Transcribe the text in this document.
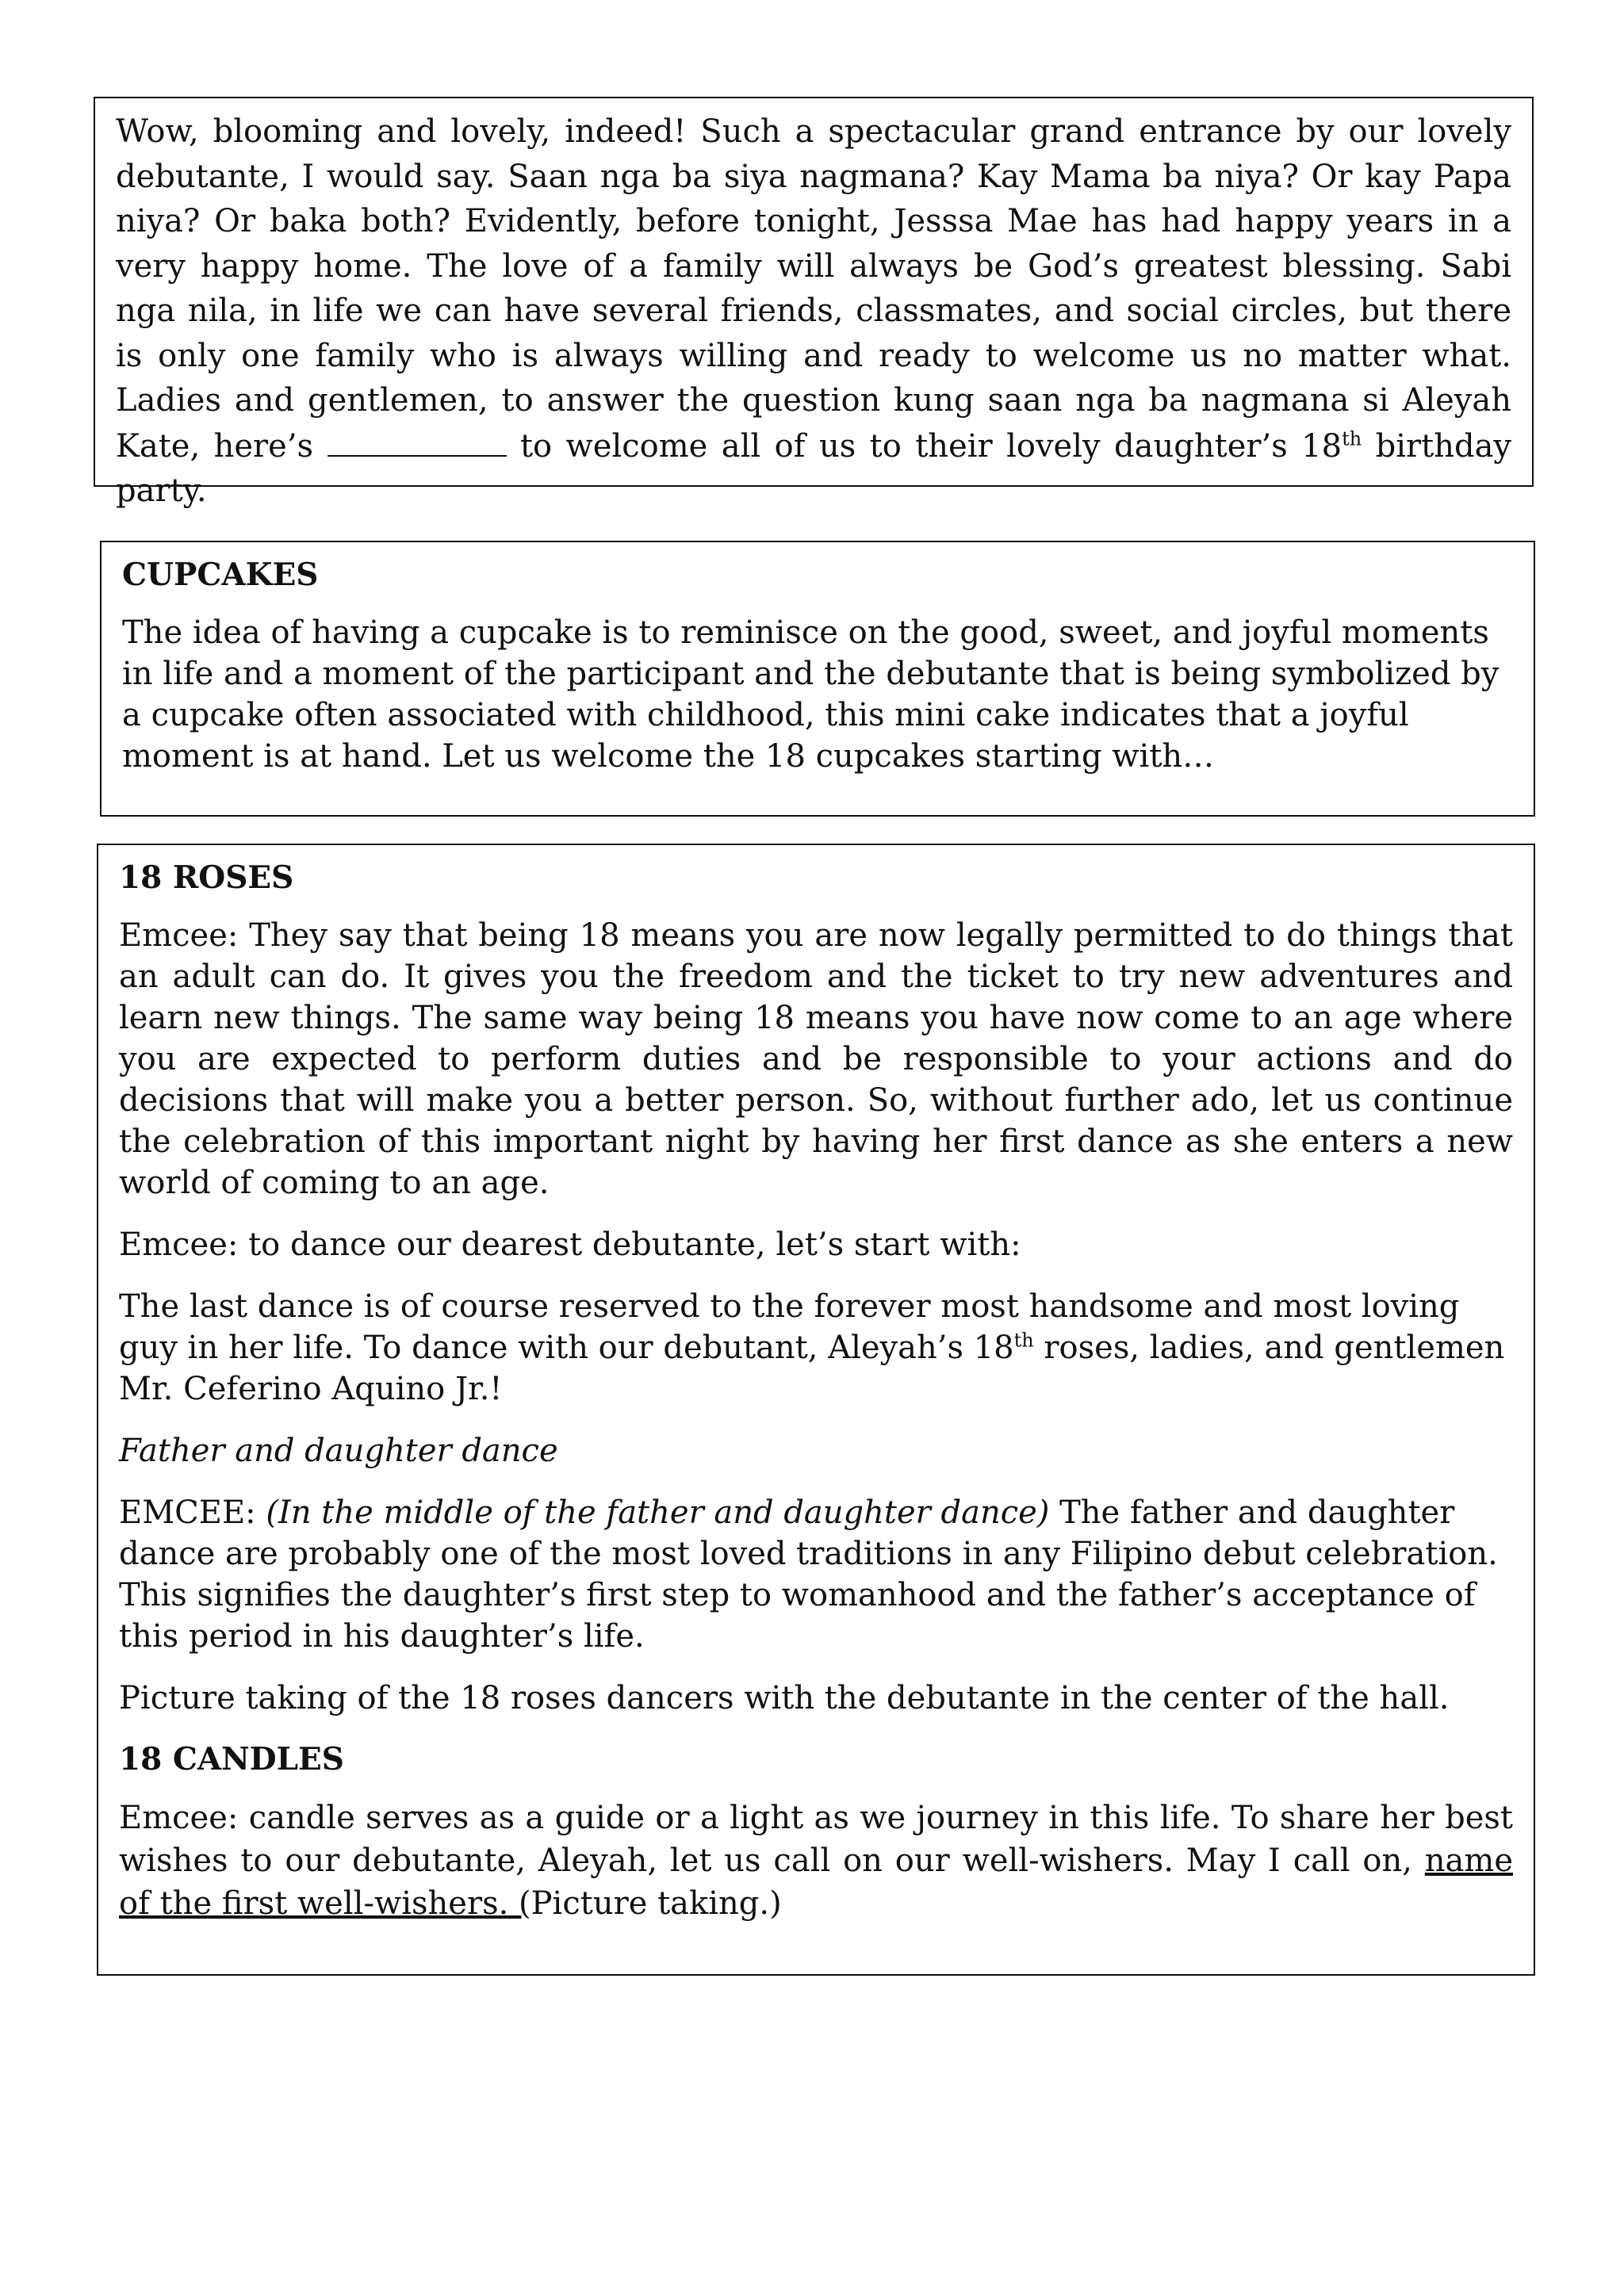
Wow, blooming and lovely, indeed! Such a spectacular grand entrance by our lovely debutante, I would say. Saan nga ba siya nagmana? Kay Mama ba niya? Or kay Papa niya? Or baka both? Evidently, before tonight, Jesssa Mae has had happy years in a very happy home. The love of a family will always be God’s greatest blessing. Sabi nga nila, in life we can have several friends, classmates, and social circles, but there is only one family who is always willing and ready to welcome us no matter what. Ladies and gentlemen, to answer the question kung saan nga ba nagmana si Aleyah Kate, here’s	to welcome all of us to their lovely daughter’s 18th birthday party.

CUPCAKES

The idea of having a cupcake is to reminisce on the good, sweet, and joyful moments in life and a moment of the participant and the debutante that is being symbolized by a cupcake often associated with childhood, this mini cake indicates that a joyful moment is at hand. Let us welcome the 18 cupcakes starting with…

18 ROSES

Emcee: They say that being 18 means you are now legally permitted to do things that an adult can do. It gives you the freedom and the ticket to try new adventures and learn new things. The same way being 18 means you have now come to an age where you are expected to perform duties and be responsible to your actions and do decisions that will make you a better person. So, without further ado, let us continue the celebration of this important night by having her first dance as she enters a new world of coming to an age.

Emcee: to dance our dearest debutante, let’s start with:

The last dance is of course reserved to the forever most handsome and most loving guy in her life. To dance with our debutant, Aleyah’s 18th roses, ladies, and gentlemen Mr. Ceferino Aquino Jr.!

Father and daughter dance

EMCEE: (In the middle of the father and daughter dance) The father and daughter dance are probably one of the most loved traditions in any Filipino debut celebration. This signifies the daughter’s first step to womanhood and the father’s acceptance of this period in his daughter’s life.

Picture taking of the 18 roses dancers with the debutante in the center of the hall.

18 CANDLES

Emcee: candle serves as a guide or a light as we journey in this life. To share her best wishes to our debutante, Aleyah, let us call on our well-wishers. May I call on, name of the first well-wishers. (Picture taking.)
